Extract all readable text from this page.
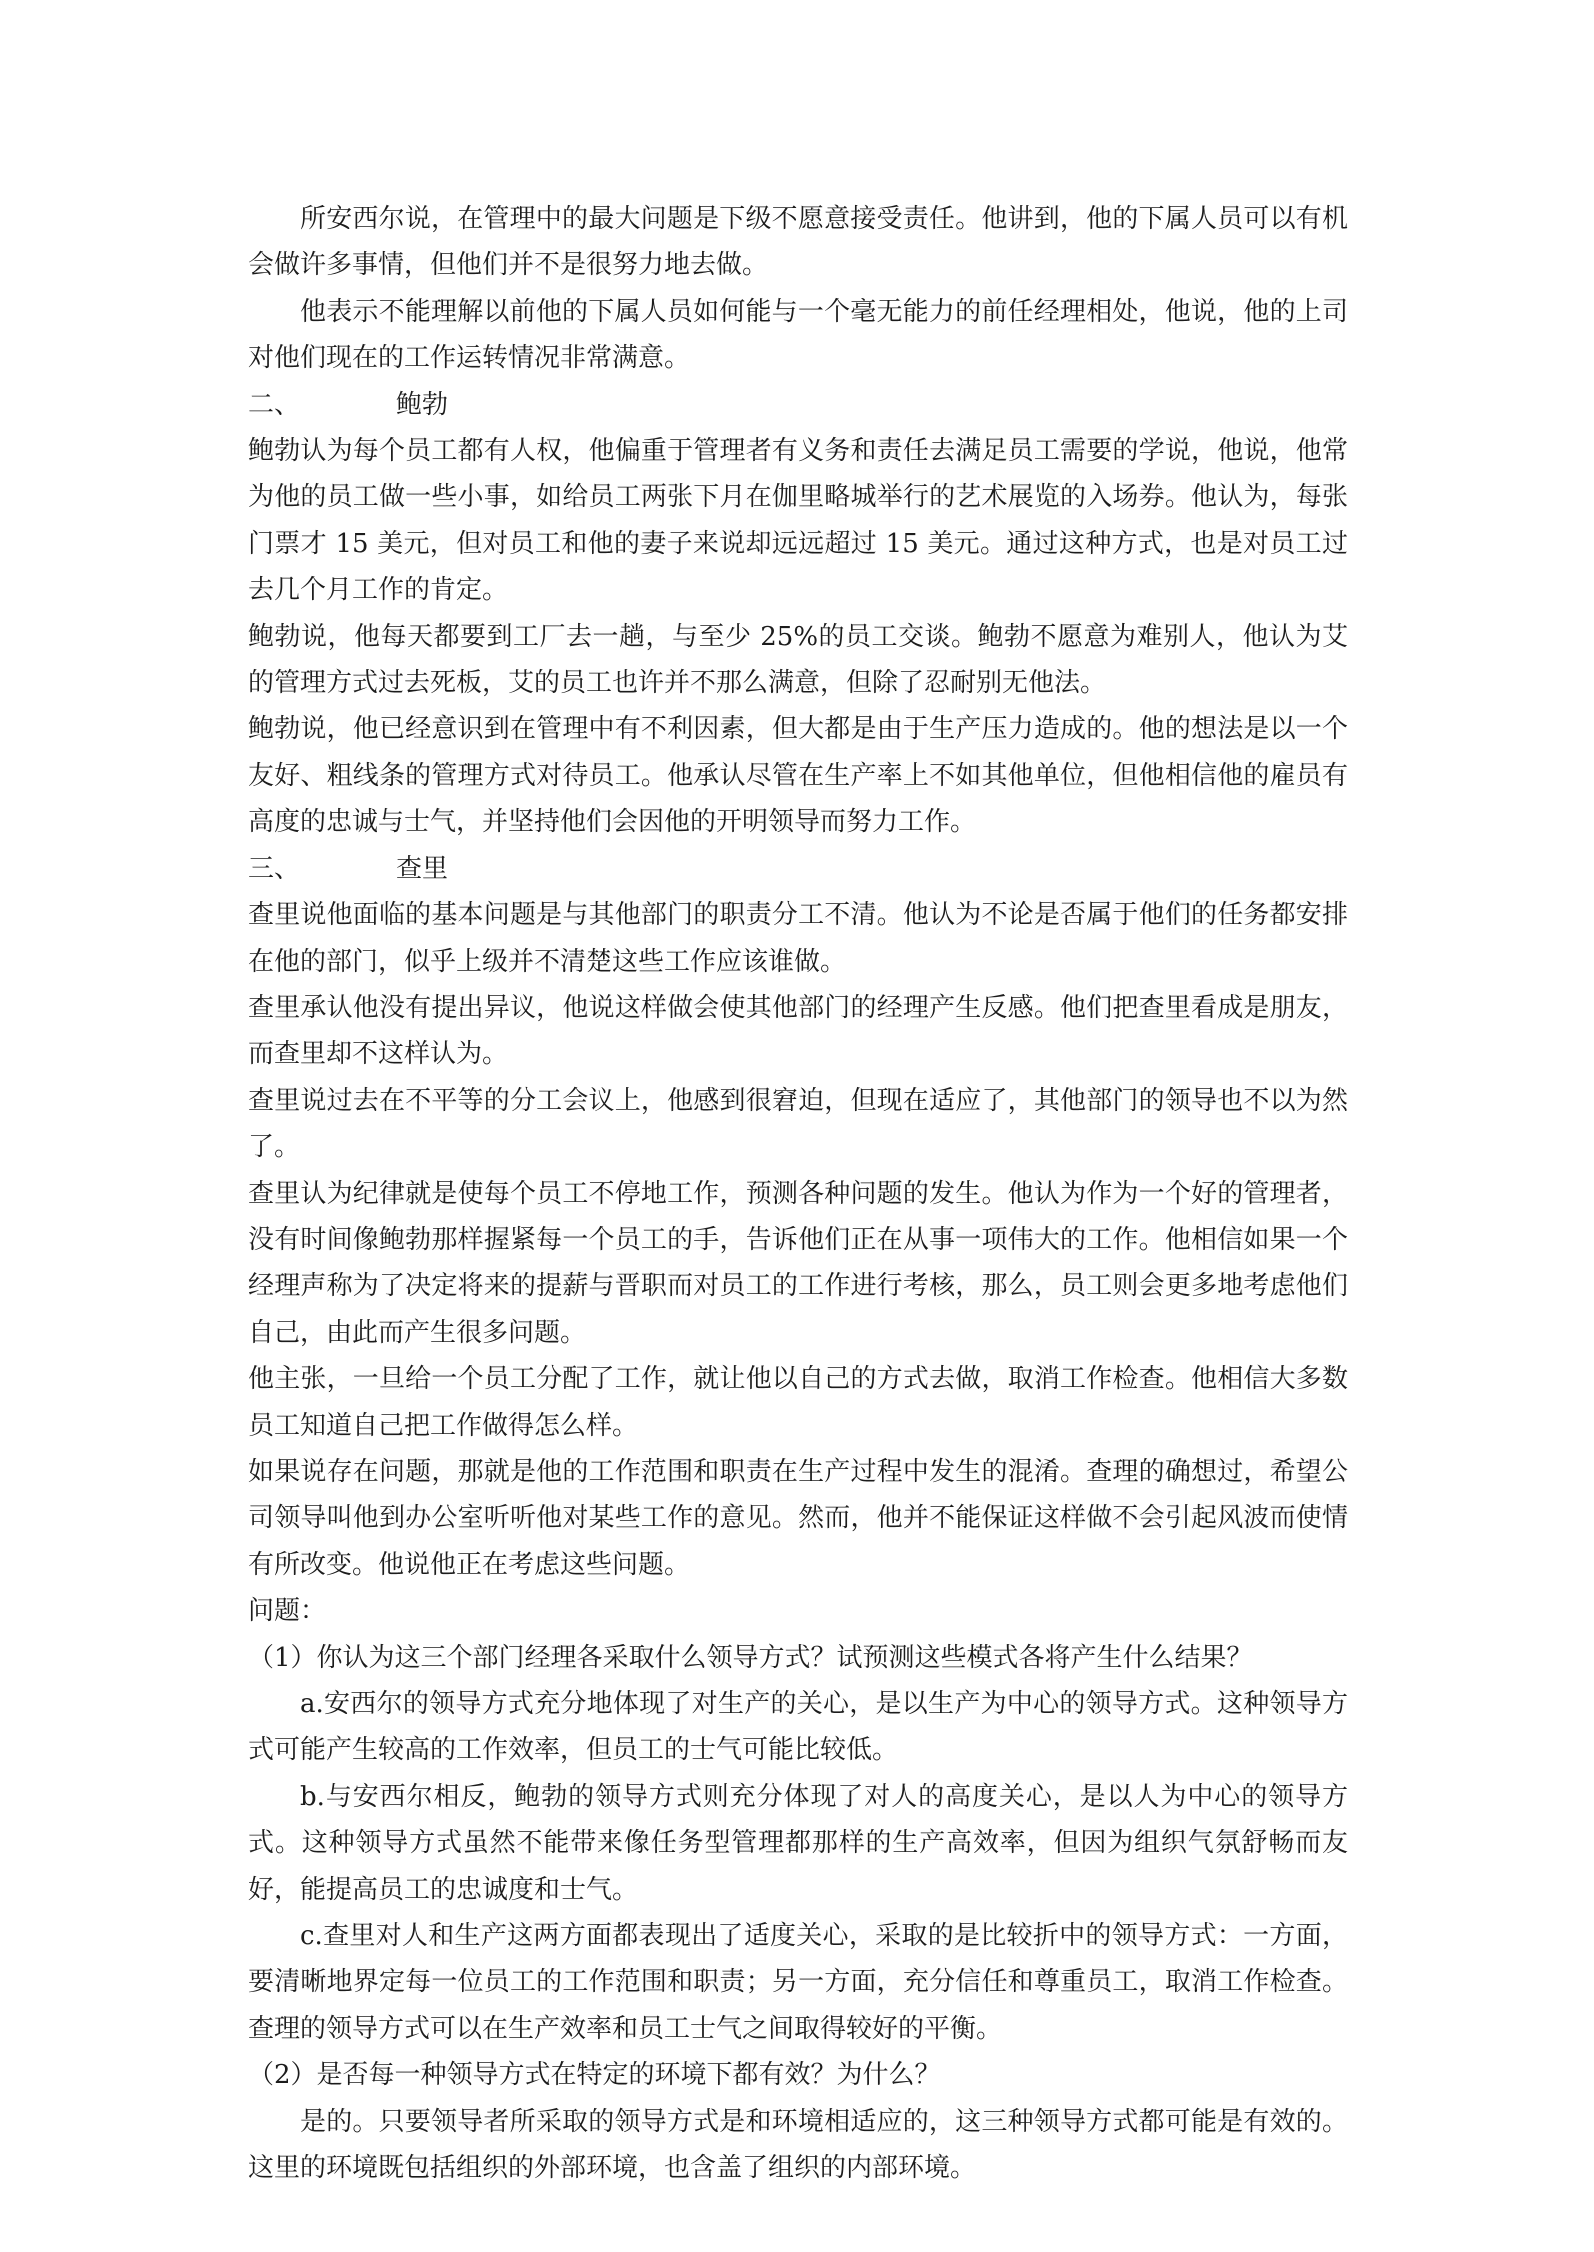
所安西尔说，在管理中的最大问题是下级不愿意接受责任。他讲到，他的下属人员可以有机会做许多事情，但他们并不是很努力地去做。

他表示不能理解以前他的下属人员如何能与一个毫无能力的前任经理相处，他说，他的上司对他们现在的工作运转情况非常满意。

二、	鲍勃

鲍勃认为每个员工都有人权，他偏重于管理者有义务和责任去满足员工需要的学说，他说，他常为他的员工做一些小事，如给员工两张下月在伽里略城举行的艺术展览的入场券。他认为，每张门票才 15 美元，但对员工和他的妻子来说却远远超过 15 美元。通过这种方式，也是对员工过去几个月工作的肯定。

鲍勃说，他每天都要到工厂去一趟，与至少 25%的员工交谈。鲍勃不愿意为难别人，他认为艾的管理方式过去死板，艾的员工也许并不那么满意，但除了忍耐别无他法。

鲍勃说，他已经意识到在管理中有不利因素，但大都是由于生产压力造成的。他的想法是以一个友好、粗线条的管理方式对待员工。他承认尽管在生产率上不如其他单位，但他相信他的雇员有高度的忠诚与士气，并坚持他们会因他的开明领导而努力工作。

三、	查里

查里说他面临的基本问题是与其他部门的职责分工不清。他认为不论是否属于他们的任务都安排在他的部门，似乎上级并不清楚这些工作应该谁做。

查里承认他没有提出异议，他说这样做会使其他部门的经理产生反感。他们把查里看成是朋友，而查里却不这样认为。

查里说过去在不平等的分工会议上，他感到很窘迫，但现在适应了，其他部门的领导也不以为然了。

查里认为纪律就是使每个员工不停地工作，预测各种问题的发生。他认为作为一个好的管理者，没有时间像鲍勃那样握紧每一个员工的手，告诉他们正在从事一项伟大的工作。他相信如果一个经理声称为了决定将来的提薪与晋职而对员工的工作进行考核，那么，员工则会更多地考虑他们自己，由此而产生很多问题。

他主张，一旦给一个员工分配了工作，就让他以自己的方式去做，取消工作检查。他相信大多数员工知道自己把工作做得怎么样。

如果说存在问题，那就是他的工作范围和职责在生产过程中发生的混淆。查理的确想过，希望公司领导叫他到办公室听听他对某些工作的意见。然而，他并不能保证这样做不会引起风波而使情有所改变。他说他正在考虑这些问题。

问题：

（1）你认为这三个部门经理各采取什么领导方式？试预测这些模式各将产生什么结果？

a.安西尔的领导方式充分地体现了对生产的关心，是以生产为中心的领导方式。这种领导方式可能产生较高的工作效率，但员工的士气可能比较低。

b.与安西尔相反，鲍勃的领导方式则充分体现了对人的高度关心，是以人为中心的领导方式。这种领导方式虽然不能带来像任务型管理都那样的生产高效率，但因为组织气氛舒畅而友好，能提高员工的忠诚度和士气。

c.查里对人和生产这两方面都表现出了适度关心，采取的是比较折中的领导方式：一方面，要清晰地界定每一位员工的工作范围和职责；另一方面，充分信任和尊重员工，取消工作检查。查理的领导方式可以在生产效率和员工士气之间取得较好的平衡。

（2）是否每一种领导方式在特定的环境下都有效？为什么？

是的。只要领导者所采取的领导方式是和环境相适应的，这三种领导方式都可能是有效的。这里的环境既包括组织的外部环境，也含盖了组织的内部环境。
